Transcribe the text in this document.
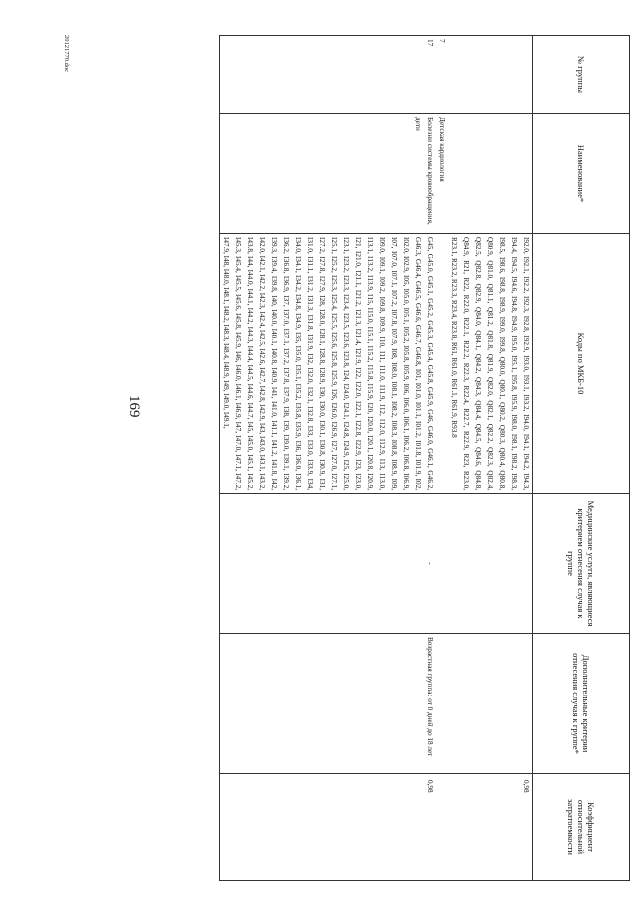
169
№ группы	Наименование*	Коды по МКБ-10	Медицинские услуги, являющиеся критерием отнесения случая к группе	Дополнительные критерии отнесения случая к группе*	Коэффициент относительной затратоемкости
		I92.0, I92.1, I92.2, I92.3, I92.8, I92.9, I93.0, I93.1, I93.2, I94.0, I94.1, I94.2, I94.3, I94.4, I94.5, I94.6, I94.8, I94.9, I95.0, I95.1, I95.8, I95.9, I98.0, I98.1, I98.2, I98.3, I98.5, I98.6, I98.8, I98.9, I99.0, I99.8, Q80.0, Q80.1, Q80.2, Q80.3, Q80.4, Q80.8, Q80.9, Q81.0, Q81.1, Q81.2, Q81.8, Q81.9, Q82.0, Q82.1, Q82.2, Q82.3, Q82.4, Q82.5, Q82.8, Q82.9, Q84.0, Q84.1, Q84.2, Q84.3, Q84.4, Q84.5, Q84.6, Q84.8, Q84.9, R21, R22, R22.0, R22.1, R22.2, R22.3, R22.4, R22.7, R22.9, R23, R23.0, R23.1, R23.2, R23.3, R23.4, R23.8, R61, R61.0, R61.1, R61.9, R93.8			0,98
7	Детская кардиология				
17	Болезни системы кровообращения, дети	G45, G45.0, G45.1, G45.2, G45.3, G45.4, G45.8, G45.9, G46, G46.0, G46.1, G46.2, G46.3, G46.4, G46.5, G46.6, G46.7, G46.8, I01, I01.0, I01.1, I01.2, I01.8, I01.9, I02, I02.0, I02.9, I05, I05.0, I05.1, I05.2, I05.8, I05.9, I06, I06.0, I06.1, I06.2, I06.8, I06.9, I07, I07.0, I07.1, I07.2, I07.8, I07.9, I08, I08.0, I08.1, I08.2, I08.3, I08.8, I08.9, I09, I09.0, I09.1, I09.2, I09.8, I09.9, I10, I11, I11.0, I11.9, I12, I12.0, I12.9, I13, I13.0, I13.1, I13.2, I13.9, I15, I15.0, I15.1, I15.2, I15.8, I15.9, I20, I20.0, I20.1, I20.8, I20.9, I21, I21.0, I21.1, I21.2, I21.3, I21.4, I21.9, I22, I22.0, I22.1, I22.8, I22.9, I23, I23.0, I23.1, I23.2, I23.3, I23.4, I23.5, I23.6, I23.8, I24, I24.0, I24.1, I24.8, I24.9, I25, I25.0, I25.1, I25.2, I25.3, I25.4, I25.5, I25.6, I25.8, I25.9, I26, I26.0, I26.9, I27, I27.0, I27.1, I27.2, I27.8, I27.9, I28, I28.0, I28.1, I28.8, I28.9, I30, I30.0, I30.1, I30.8, I30.9, I31, I31.0, I31.1, I31.2, I31.3, I31.8, I31.9, I32, I32.0, I32.1, I32.8, I33, I33.0, I33.9, I34, I34.0, I34.1, I34.2, I34.8, I34.9, I35, I35.0, I35.1, I35.2, I35.8, I35.9, I36, I36.0, I36.1, I36.2, I36.8, I36.9, I37, I37.0, I37.1, I37.2, I37.8, I37.9, I38, I39, I39.0, I39.1, I39.2, I39.3, I39.4, I39.8, I40, I40.0, I40.1, I40.8, I40.9, I41, I41.0, I41.1, I41.2, I41.8, I42, I42.0, I42.1, I42.2, I42.3, I42.4, I42.5, I42.6, I42.7, I42.8, I42.9, I43, I43.0, I43.1, I43.2, I43.8, I44, I44.0, I44.1, I44.2, I44.3, I44.4, I44.5, I44.6, I44.7, I45, I45.0, I45.1, I45.2, I45.3, I45.4, I45.5, I45.6, I45.8, I45.9, I46, I46.0, I46.1, I46.9, I47, I47.0, I47.1, I47.2, I47.9, I48, I48.0, I48.1, I48.2, I48.3, I48.4, I48.9, I49, I49.0, I49.1,	-	Возрастная группа: от 0 дней до 18 лет	0,98
20121770.doc
